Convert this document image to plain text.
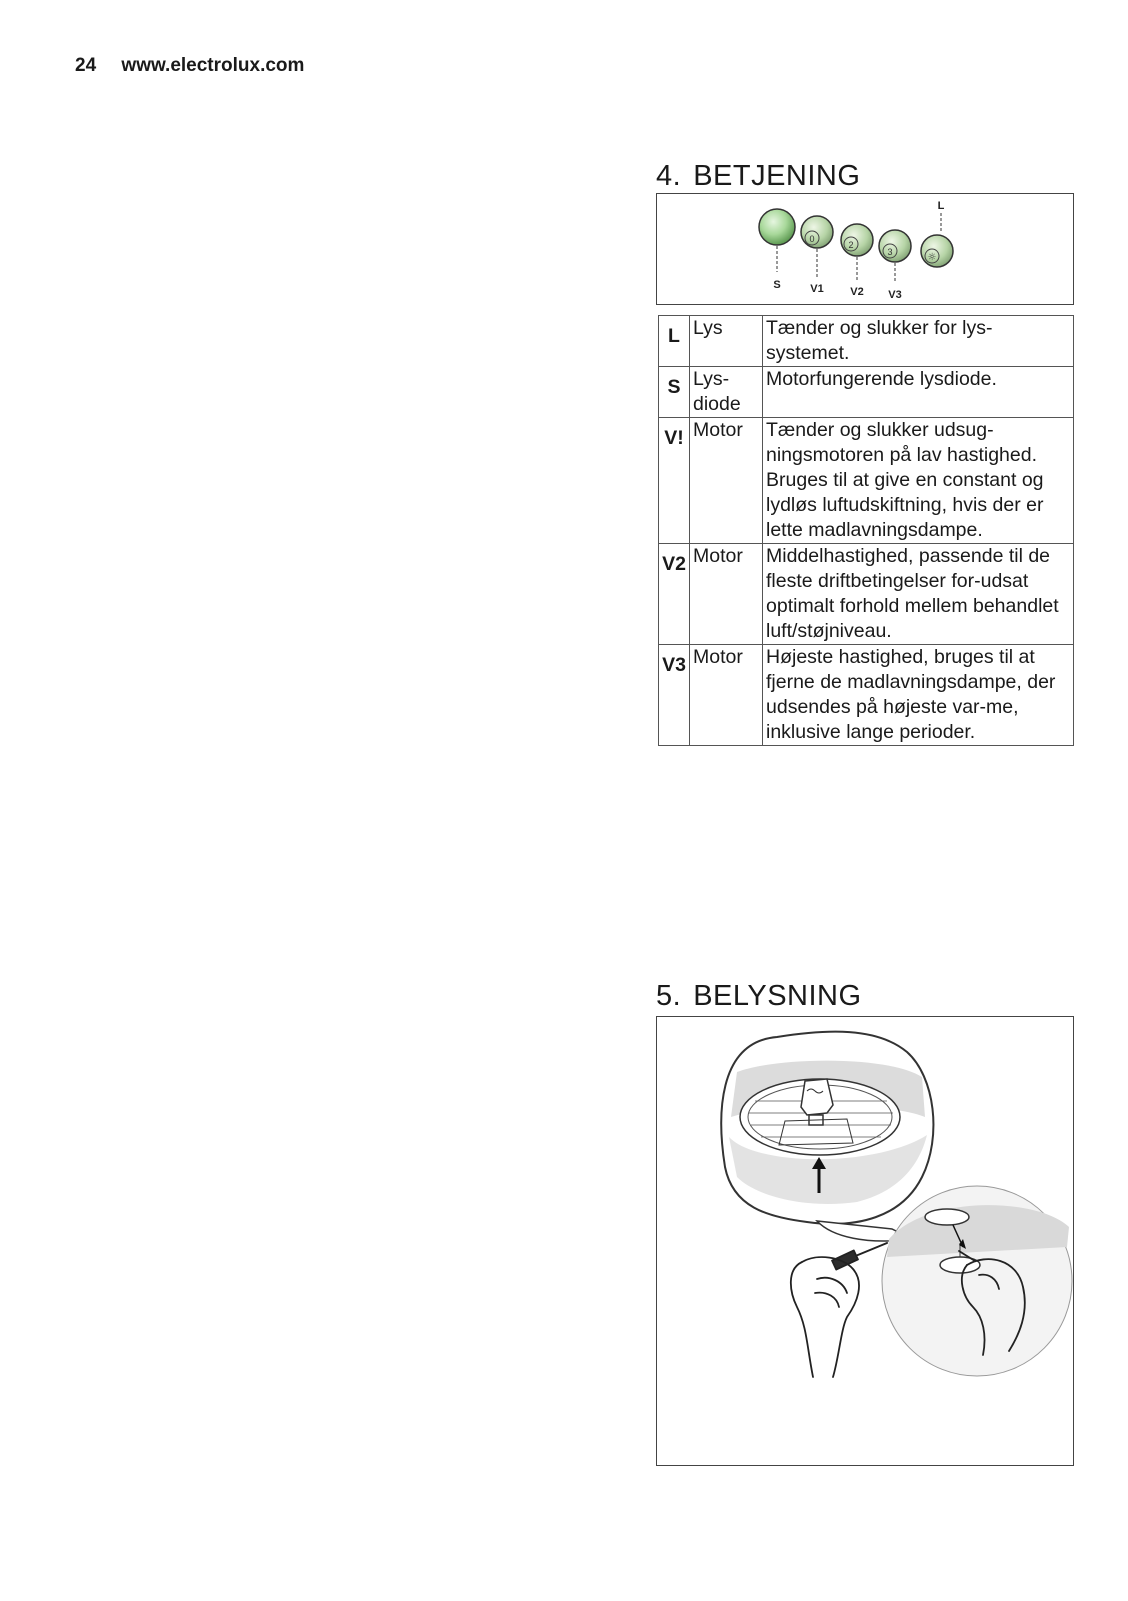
24 www.electrolux.com
4. BETJENING
0
2
3	☼
L
S	V1 V2 V3
L	Lys	Tænder og slukker for lys-systemet.
S	Lys-diode	Motorfungerende lysdiode.
V!	Motor	Tænder og slukker udsug-ningsmotoren på lav hastighed. Bruges til at give en constant og lydløs luftudskiftning, hvis der er lette madlavningsdampe.
V2	Motor	Middelhastighed, passende til de fleste driftbetingelser for-udsat optimalt forhold mellem behandlet luft/støjniveau.
V3	Motor	Højeste hastighed, bruges til at fjerne de madlavningsdampe, der udsendes på højeste var-me, inklusive lange perioder.
5. BELYSNING
